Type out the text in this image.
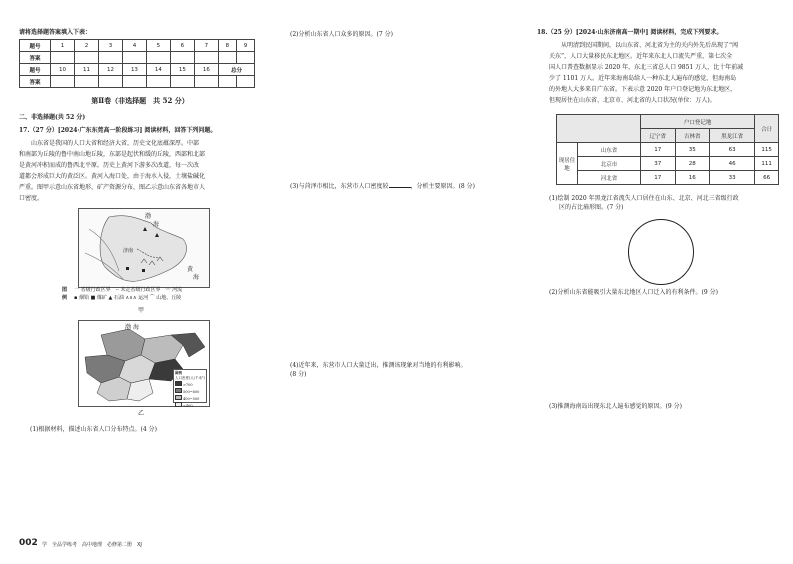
请将选择题答案填入下表：
题号	1	2	3	4	5	6	7	8	9
答案									
题号	10	11	12	13	14	15	16	总分	
答案									
第Ⅱ卷（非选择题　共 52 分）
二、非选择题(共 52 分)
17.（27 分）[2024·广东东莞高一阶段练习] 阅读材料，回答下列问题。
山东省是我国的人口大省和经济大省，历史文化底蕴深厚。中部
和南部为丘陵的鲁中南山地丘陵，东部是起伏和缓的丘陵，西部和北部
是黄河冲积而成的鲁西北平原。历史上黄河下游多次改道，每一次改
道都会形成巨大的黄泛区。黄河入海口处，由于海水入侵，土壤盐碱化
严重。图甲示意山东省地形、矿产资源分布，图乙示意山东省各地市人
口密度。
渤
海
黄
海
济南
图
例
一 省级行政区界　-- 未定省级行政区界　〰 河流
▪ 烟铅 ■ 煤矿 ▲ 石油 ∧∧∧ 运河 ⌒ 山地、丘陵
甲
渤 海
图例
人口密度(人/千米²)
>700
500~600
400~500
<400
乙
(1)根据材料，描述山东省人口分布特点。(4 分)
(2)分析山东省人口众多的原因。(7 分)
(3)与菏泽市相比，东营市人口密度较	，分析主要原因。(8 分)
(4)近年来，东营市人口大量迁出，推测该现象对当地的有利影响。
(8 分)
18.（25 分）[2024·山东济南高一期中] 阅读材料，完成下列要求。
从明清到民国期间，以山东省、河北省为主的关内外先后出现了“闯
关东”，人口大量移民东北地区。近年来东北人口流失严重，第七次全
国人口普查数据显示 2020 年，东北三省总人口 9851 万人，比十年前减
少了 1101 万人。近年来海南岛给人一种东北人遍布的感觉，但海南岛
的外地人大多来自广东省。下表示意 2020 年户口登记地为东北地区，
但现居住在山东省、北京市、河北省的人口状况(单位：万人)。
		户口登记地			合计
		辽宁省	吉林省	黑龙江省	
现居住地	山东省	17	35	63	115
	北京市	37	28	46	111
	河北省	17	16	33	66
(1)绘制 2020 年黑龙江省流失人口居住在山东、北京、河北三省级行政
区的占比扇形图。(7 分)
(2)分析山东省能吸引大量东北地区人口迁入的有利条件。(9 分)
(3)推测海南岛出现东北人遍布感觉的原因。(9 分)
002 学　全品学练考　高中地理　必修第二册　XJ
